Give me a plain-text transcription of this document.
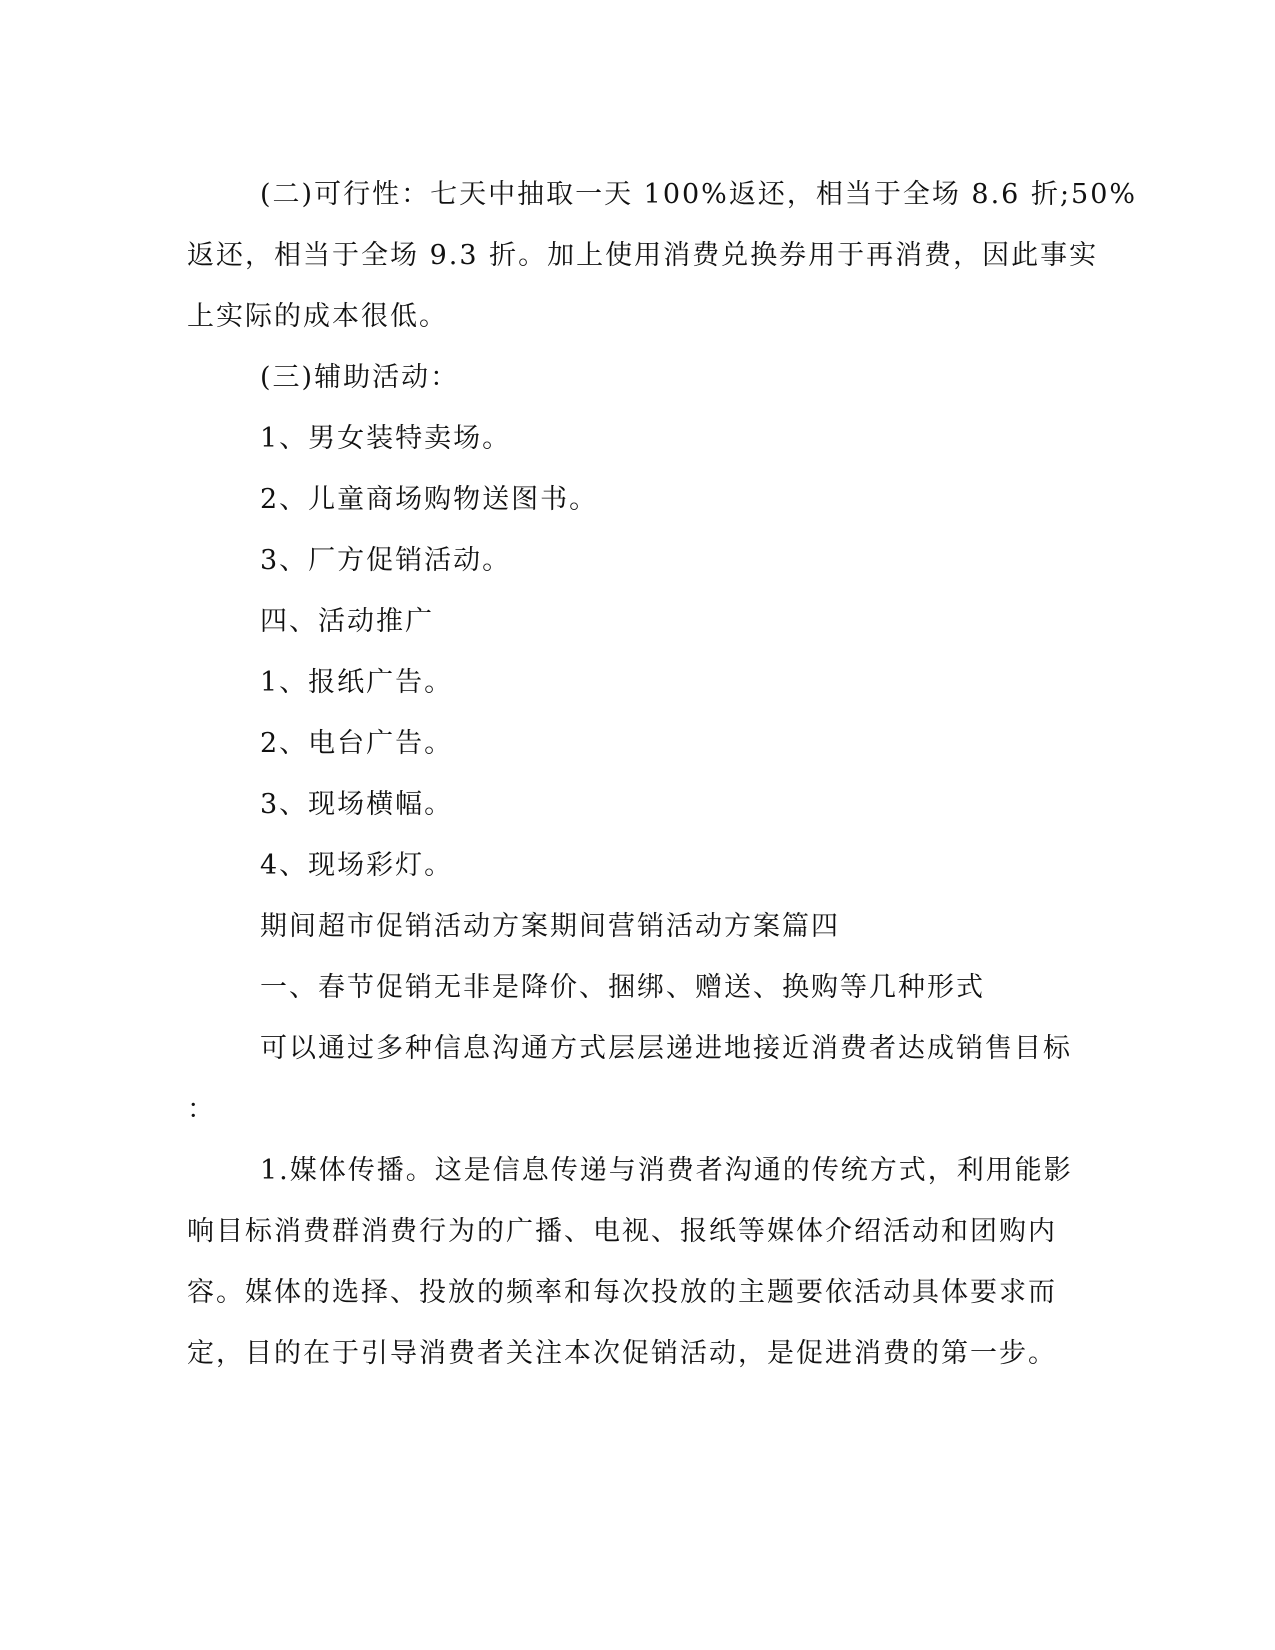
(二)可行性：七天中抽取一天 100%返还，相当于全场 8.6 折;50%
返还，相当于全场 9.3 折。加上使用消费兑换券用于再消费，因此事实
上实际的成本很低。
(三)辅助活动：
1、男女装特卖场。
2、儿童商场购物送图书。
3、厂方促销活动。
四、活动推广
1、报纸广告。
2、电台广告。
3、现场横幅。
4、现场彩灯。
期间超市促销活动方案期间营销活动方案篇四
一、春节促销无非是降价、捆绑、赠送、换购等几种形式
可以通过多种信息沟通方式层层递进地接近消费者达成销售目标
：
1.媒体传播。这是信息传递与消费者沟通的传统方式，利用能影
响目标消费群消费行为的广播、电视、报纸等媒体介绍活动和团购内
容。媒体的选择、投放的频率和每次投放的主题要依活动具体要求而
定，目的在于引导消费者关注本次促销活动，是促进消费的第一步。
